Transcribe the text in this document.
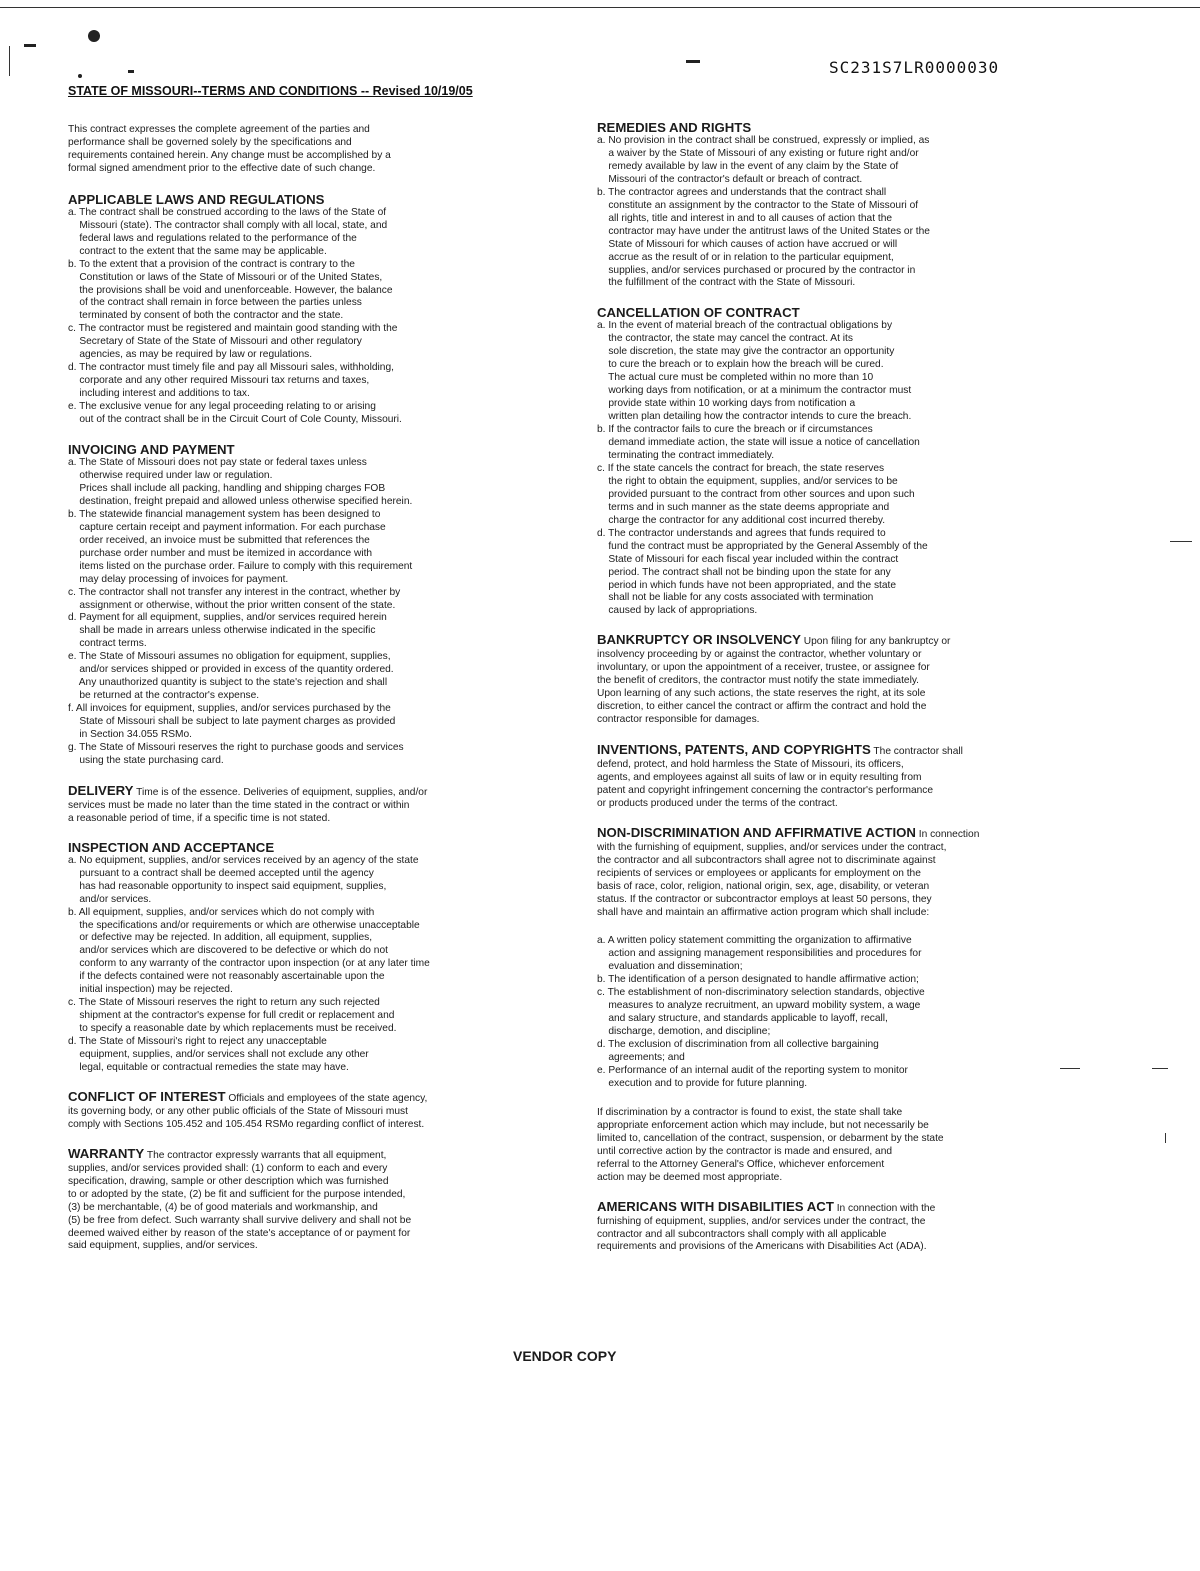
SC231S7LR0000030
STATE OF MISSOURI--TERMS AND CONDITIONS -- Revised 10/19/05
This contract expresses the complete agreement of the parties and
performance shall be governed solely by the specifications and
requirements contained herein. Any change must be accomplished by a
formal signed amendment prior to the effective date of such change.
APPLICABLE LAWS AND REGULATIONS
a. The contract shall be construed according to the laws of the State of
Missouri (state). The contractor shall comply with all local, state, and
federal laws and regulations related to the performance of the
contract to the extent that the same may be applicable.
b. To the extent that a provision of the contract is contrary to the
Constitution or laws of the State of Missouri or of the United States,
the provisions shall be void and unenforceable. However, the balance
of the contract shall remain in force between the parties unless
terminated by consent of both the contractor and the state.
c. The contractor must be registered and maintain good standing with the
Secretary of State of the State of Missouri and other regulatory
agencies, as may be required by law or regulations.
d. The contractor must timely file and pay all Missouri sales, withholding,
corporate and any other required Missouri tax returns and taxes,
including interest and additions to tax.
e. The exclusive venue for any legal proceeding relating to or arising
out of the contract shall be in the Circuit Court of Cole County, Missouri.
INVOICING AND PAYMENT
a. The State of Missouri does not pay state or federal taxes unless
otherwise required under law or regulation.
Prices shall include all packing, handling and shipping charges FOB
destination, freight prepaid and allowed unless otherwise specified herein.
b. The statewide financial management system has been designed to
capture certain receipt and payment information. For each purchase
order received, an invoice must be submitted that references the
purchase order number and must be itemized in accordance with
items listed on the purchase order. Failure to comply with this requirement
may delay processing of invoices for payment.
c. The contractor shall not transfer any interest in the contract, whether by
assignment or otherwise, without the prior written consent of the state.
d. Payment for all equipment, supplies, and/or services required herein
shall be made in arrears unless otherwise indicated in the specific
contract terms.
e. The State of Missouri assumes no obligation for equipment, supplies,
and/or services shipped or provided in excess of the quantity ordered.
Any unauthorized quantity is subject to the state's rejection and shall
be returned at the contractor's expense.
f. All invoices for equipment, supplies, and/or services purchased by the
State of Missouri shall be subject to late payment charges as provided
in Section 34.055 RSMo.
g. The State of Missouri reserves the right to purchase goods and services
using the state purchasing card.
DELIVERY Time is of the essence. Deliveries of equipment, supplies, and/or
services must be made no later than the time stated in the contract or within
a reasonable period of time, if a specific time is not stated.
INSPECTION AND ACCEPTANCE
a. No equipment, supplies, and/or services received by an agency of the state
pursuant to a contract shall be deemed accepted until the agency
has had reasonable opportunity to inspect said equipment, supplies,
and/or services.
b. All equipment, supplies, and/or services which do not comply with
the specifications and/or requirements or which are otherwise unacceptable
or defective may be rejected. In addition, all equipment, supplies,
and/or services which are discovered to be defective or which do not
conform to any warranty of the contractor upon inspection (or at any later time
if the defects contained were not reasonably ascertainable upon the
initial inspection) may be rejected.
c. The State of Missouri reserves the right to return any such rejected
shipment at the contractor's expense for full credit or replacement and
to specify a reasonable date by which replacements must be received.
d. The State of Missouri's right to reject any unacceptable
equipment, supplies, and/or services shall not exclude any other
legal, equitable or contractual remedies the state may have.
CONFLICT OF INTEREST Officials and employees of the state agency,
its governing body, or any other public officials of the State of Missouri must
comply with Sections 105.452 and 105.454 RSMo regarding conflict of interest.
WARRANTY The contractor expressly warrants that all equipment,
supplies, and/or services provided shall: (1) conform to each and every
specification, drawing, sample or other description which was furnished
to or adopted by the state, (2) be fit and sufficient for the purpose intended,
(3) be merchantable, (4) be of good materials and workmanship, and
(5) be free from defect. Such warranty shall survive delivery and shall not be
deemed waived either by reason of the state's acceptance of or payment for
said equipment, supplies, and/or services.
REMEDIES AND RIGHTS
a. No provision in the contract shall be construed, expressly or implied, as
a waiver by the State of Missouri of any existing or future right and/or
remedy available by law in the event of any claim by the State of
Missouri of the contractor's default or breach of contract.
b. The contractor agrees and understands that the contract shall
constitute an assignment by the contractor to the State of Missouri of
all rights, title and interest in and to all causes of action that the
contractor may have under the antitrust laws of the United States or the
State of Missouri for which causes of action have accrued or will
accrue as the result of or in relation to the particular equipment,
supplies, and/or services purchased or procured by the contractor in
the fulfillment of the contract with the State of Missouri.
CANCELLATION OF CONTRACT
a. In the event of material breach of the contractual obligations by
the contractor, the state may cancel the contract. At its
sole discretion, the state may give the contractor an opportunity
to cure the breach or to explain how the breach will be cured.
The actual cure must be completed within no more than 10
working days from notification, or at a minimum the contractor must
provide state within 10 working days from notification a
written plan detailing how the contractor intends to cure the breach.
b. If the contractor fails to cure the breach or if circumstances
demand immediate action, the state will issue a notice of cancellation
terminating the contract immediately.
c. If the state cancels the contract for breach, the state reserves
the right to obtain the equipment, supplies, and/or services to be
provided pursuant to the contract from other sources and upon such
terms and in such manner as the state deems appropriate and
charge the contractor for any additional cost incurred thereby.
d. The contractor understands and agrees that funds required to
fund the contract must be appropriated by the General Assembly of the
State of Missouri for each fiscal year included within the contract
period. The contract shall not be binding upon the state for any
period in which funds have not been appropriated, and the state
shall not be liable for any costs associated with termination
caused by lack of appropriations.
BANKRUPTCY OR INSOLVENCY Upon filing for any bankruptcy or
insolvency proceeding by or against the contractor, whether voluntary or
involuntary, or upon the appointment of a receiver, trustee, or assignee for
the benefit of creditors, the contractor must notify the state immediately.
Upon learning of any such actions, the state reserves the right, at its sole
discretion, to either cancel the contract or affirm the contract and hold the
contractor responsible for damages.
INVENTIONS, PATENTS, AND COPYRIGHTS The contractor shall
defend, protect, and hold harmless the State of Missouri, its officers,
agents, and employees against all suits of law or in equity resulting from
patent and copyright infringement concerning the contractor's performance
or products produced under the terms of the contract.
NON-DISCRIMINATION AND AFFIRMATIVE ACTION In connection
with the furnishing of equipment, supplies, and/or services under the contract,
the contractor and all subcontractors shall agree not to discriminate against
recipients of services or employees or applicants for employment on the
basis of race, color, religion, national origin, sex, age, disability, or veteran
status. If the contractor or subcontractor employs at least 50 persons, they
shall have and maintain an affirmative action program which shall include:
a. A written policy statement committing the organization to affirmative
action and assigning management responsibilities and procedures for
evaluation and dissemination;
b. The identification of a person designated to handle affirmative action;
c. The establishment of non-discriminatory selection standards, objective
measures to analyze recruitment, an upward mobility system, a wage
and salary structure, and standards applicable to layoff, recall,
discharge, demotion, and discipline;
d. The exclusion of discrimination from all collective bargaining
agreements; and
e. Performance of an internal audit of the reporting system to monitor
execution and to provide for future planning.
If discrimination by a contractor is found to exist, the state shall take
appropriate enforcement action which may include, but not necessarily be
limited to, cancellation of the contract, suspension, or debarment by the state
until corrective action by the contractor is made and ensured, and
referral to the Attorney General's Office, whichever enforcement
action may be deemed most appropriate.
AMERICANS WITH DISABILITIES ACT In connection with the
furnishing of equipment, supplies, and/or services under the contract, the
contractor and all subcontractors shall comply with all applicable
requirements and provisions of the Americans with Disabilities Act (ADA).
VENDOR COPY
